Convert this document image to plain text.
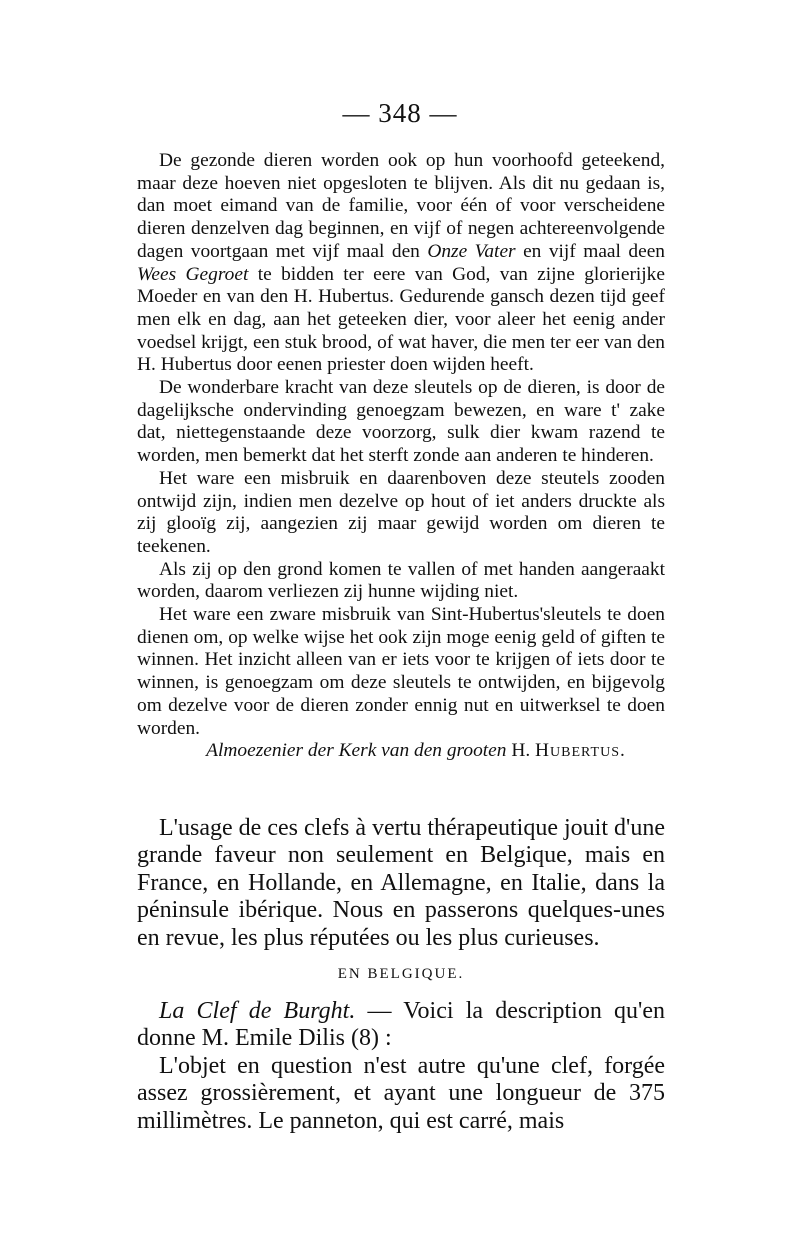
— 348 —

De gezonde dieren worden ook op hun voorhoofd geteekend, maar deze hoeven niet opgesloten te blijven. Als dit nu gedaan is, dan moet eimand van de familie, voor één of voor verscheidene dieren denzelven dag beginnen, en vijf of negen achtereenvolgende dagen voortgaan met vijf maal den Onze Vater en vijf maal deen Wees Gegroet te bidden ter eere van God, van zijne glorierijke Moeder en van den H. Hubertus. Gedurende gansch dezen tijd geef men elk en dag, aan het geteeken dier, voor aleer het eenig ander voedsel krijgt, een stuk brood, of wat haver, die men ter eer van den H. Hubertus door eenen priester doen wijden heeft.

De wonderbare kracht van deze sleutels op de dieren, is door de dagelijksche ondervinding genoegzam bewezen, en ware t' zake dat, niettegenstaande deze voorzorg, sulk dier kwam razend te worden, men bemerkt dat het sterft zonde aan anderen te hinderen.

Het ware een misbruik en daarenboven deze steutels zooden ontwijd zijn, indien men dezelve op hout of iet anders druckte als zij glooïg zij, aangezien zij maar gewijd worden om dieren te teekenen.

Als zij op den grond komen te vallen of met handen aangeraakt worden, daarom verliezen zij hunne wijding niet.

Het ware een zware misbruik van Sint-Hubertus'sleutels te doen dienen om, op welke wijse het ook zijn moge eenig geld of giften te winnen. Het inzicht alleen van er iets voor te krijgen of iets door te winnen, is genoegzam om deze sleutels te ontwijden, en bijgevolg om dezelve voor de dieren zonder ennig nut en uitwerksel te doen worden.

Almoezenier der Kerk van den grooten H. Hubertus.

L'usage de ces clefs à vertu thérapeutique jouit d'une grande faveur non seulement en Belgique, mais en France, en Hollande, en Allemagne, en Italie, dans la péninsule ibérique. Nous en passerons quelques-unes en revue, les plus réputées ou les plus curieuses.

EN BELGIQUE.

La Clef de Burght. — Voici la description qu'en donne M. Emile Dilis (8) :

L'objet en question n'est autre qu'une clef, forgée assez grossièrement, et ayant une longueur de 375 millimètres. Le panneton, qui est carré, mais
